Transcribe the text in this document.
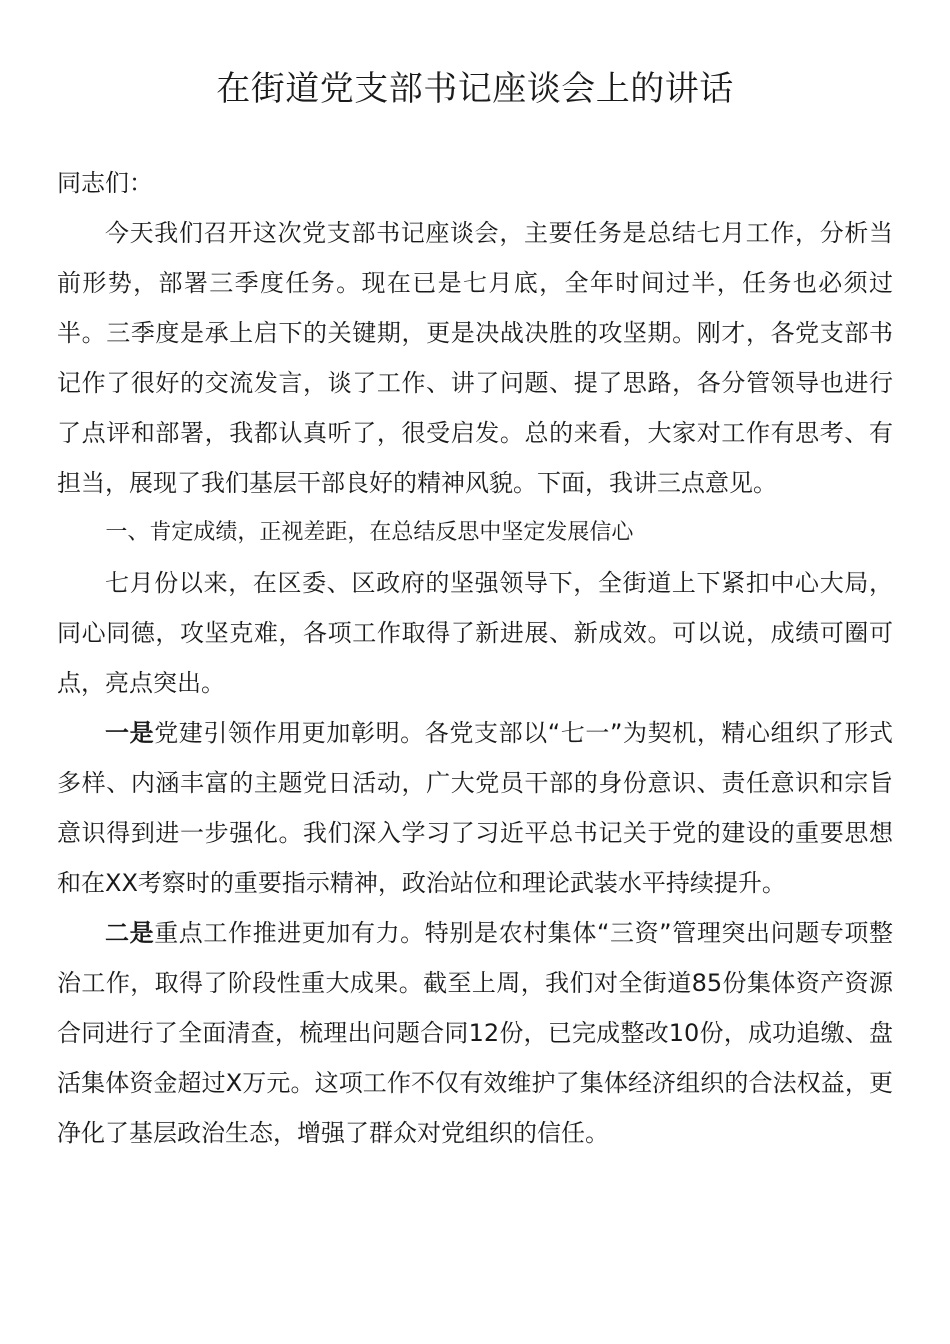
在街道党支部书记座谈会上的讲话

同志们：

今天我们召开这次党支部书记座谈会，主要任务是总结七月工作，分析当前形势，部署三季度任务。现在已是七月底，全年时间过半，任务也必须过半。三季度是承上启下的关键期，更是决战决胜的攻坚期。刚才，各党支部书记作了很好的交流发言，谈了工作、讲了问题、提了思路，各分管领导也进行了点评和部署，我都认真听了，很受启发。总的来看，大家对工作有思考、有担当，展现了我们基层干部良好的精神风貌。下面，我讲三点意见。

一、肯定成绩，正视差距，在总结反思中坚定发展信心

七月份以来，在区委、区政府的坚强领导下，全街道上下紧扣中心大局，同心同德，攻坚克难，各项工作取得了新进展、新成效。可以说，成绩可圈可点，亮点突出。

一是党建引领作用更加彰明。各党支部以“七一”为契机，精心组织了形式多样、内涵丰富的主题党日活动，广大党员干部的身份意识、责任意识和宗旨意识得到进一步强化。我们深入学习了习近平总书记关于党的建设的重要思想和在XX考察时的重要指示精神，政治站位和理论武装水平持续提升。

二是重点工作推进更加有力。特别是农村集体“三资”管理突出问题专项整治工作，取得了阶段性重大成果。截至上周，我们对全街道85份集体资产资源合同进行了全面清查，梳理出问题合同12份，已完成整改10份，成功追缴、盘活集体资金超过X万元。这项工作不仅有效维护了集体经济组织的合法权益，更净化了基层政治生态，增强了群众对党组织的信任。
